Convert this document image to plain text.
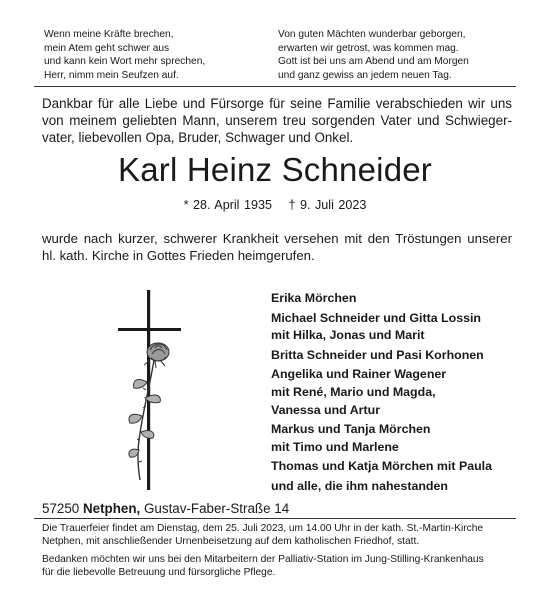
Wenn meine Kräfte brechen,
mein Atem geht schwer aus
und kann kein Wort mehr sprechen,
Herr, nimm mein Seufzen auf.
Von guten Mächten wunderbar geborgen,
erwarten wir getrost, was kommen mag.
Gott ist bei uns am Abend und am Morgen
und ganz gewiss an jedem neuen Tag.
Dankbar für alle Liebe und Fürsorge für seine Familie verabschieden wir uns
von meinem geliebten Mann, unserem treu sorgenden Vater und Schwieger-
vater, liebevollen Opa, Bruder, Schwager und Onkel.
Karl Heinz Schneider
* 28. April 1935 † 9. Juli 2023
wurde nach kurzer, schwerer Krankheit versehen mit den Tröstungen unserer
hl. kath. Kirche in Gottes Frieden heimgerufen.
Erika Mörchen
Michael Schneider und Gitta Lossin
mit Hilka, Jonas und Marit
Britta Schneider und Pasi Korhonen
Angelika und Rainer Wagener
mit René, Mario und Magda,
Vanessa und Artur
Markus und Tanja Mörchen
mit Timo und Marlene
Thomas und Katja Mörchen mit Paula
und alle, die ihm nahestanden
57250 Netphen, Gustav-Faber-Straße 14
Die Trauerfeier findet am Dienstag, dem 25. Juli 2023, um 14.00 Uhr in der kath. St.-Martin-Kirche
Netphen, mit anschließender Urnenbeisetzung auf dem katholischen Friedhof, statt.
Bedanken möchten wir uns bei den Mitarbeitern der Palliativ-Station im Jung-Stilling-Krankenhaus
für die liebevolle Betreuung und fürsorgliche Pflege.
